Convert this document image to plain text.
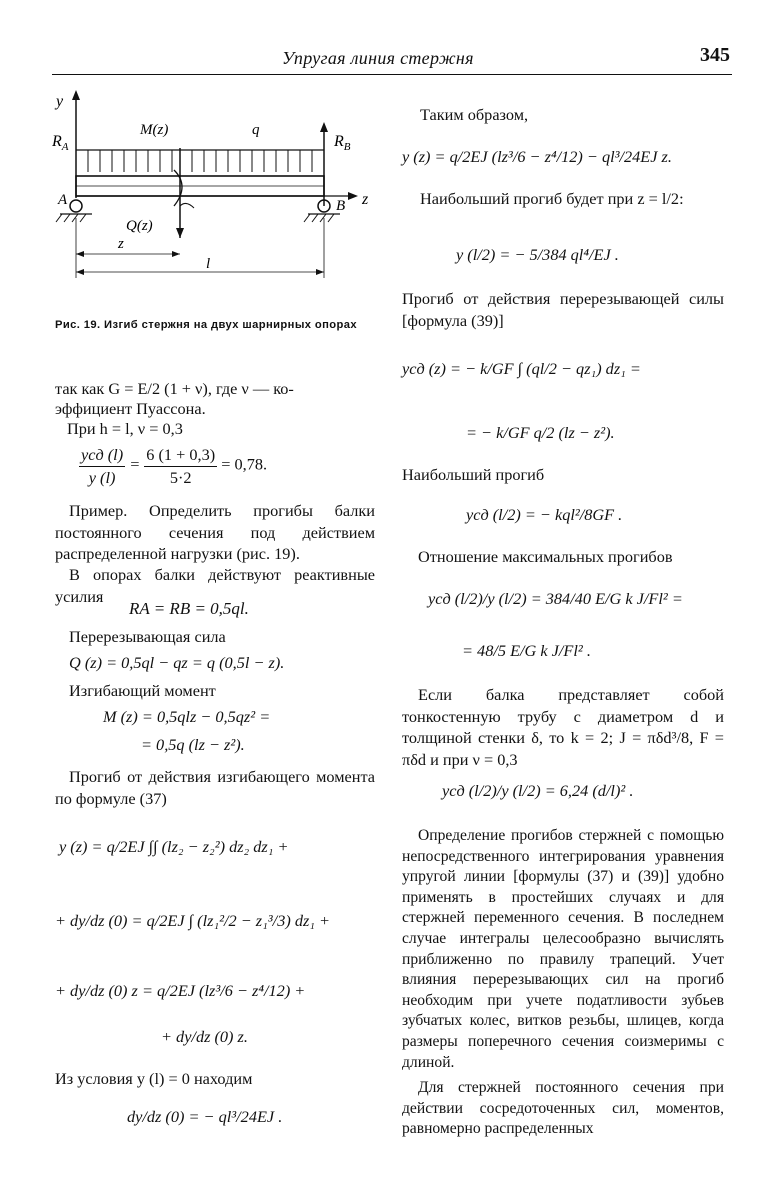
Упругая линия стержня	345
y
$R_A$	$R_B$
M(z)	q
z
A	B
Q(z)
z
l
Рис. 19. Изгиб стержня на двух шарнирных опорах
так как G = E/2 (1 + ν), где ν — ко-
эффициент Пуассона.
При h = l, ν = 0,3
$\frac{\text{yсд (l)}}{y (l)} = \frac{6 (1 + 0,3)}{5\cdot 2} = 0,78$.
Пример. Определить прогибы балки постоянного сечения под действием распределенной нагрузки (рис. 19).
В опорах балки действуют реактивные усилия
RA = RB = 0,5ql.
Перерезывающая сила
Q (z) = 0,5ql − qz = q (0,5l − z).
Изгибающий момент
M (z) = 0,5qlz − 0,5qz² =
= 0,5q (lz − z²).
Прогиб от действия изгибающего момента по формуле (37)
y (z) = q/2EJ ∫∫ (lz₂ − z₂²) dz₂ dz₁ +
+ dy/dz (0) = q/2EJ ∫ (lz₁²/2 − z₁³/3) dz₁ +
+ dy/dz (0) z = q/2EJ (lz³/6 − z⁴/12) +
+ dy/dz (0) z.
Из условия y (l) = 0 находим
dy/dz (0) = − ql³/24EJ .
Таким образом,
y (z) = q/2EJ (lz³/6 − z⁴/12) − ql³/24EJ z.
Наибольший прогиб будет при z = l/2:
y (l/2) = − 5/384 ql⁴/EJ .
Прогиб от действия перерезывающей силы [формула (39)]
yсд (z) = − k/GF ∫ (ql/2 − qz₁) dz₁ =
= − k/GF q/2 (lz − z²).
Наибольший прогиб
yсд (l/2) = − kql²/8GF .
Отношение максимальных прогибов
yсд (l/2)/y (l/2) = 384/40 E/G k J/Fl² =
= 48/5 E/G k J/Fl² .
Если балка представляет собой тонкостенную трубу с диаметром d и толщиной стенки δ, то k = 2; J = πδd³/8, F = πδd и при ν = 0,3
yсд (l/2)/y (l/2) = 6,24 (d/l)² .
Определение прогибов стержней с помощью непосредственного интегрирования уравнения упругой линии [формулы (37) и (39)] удобно применять в простейших случаях и для стержней переменного сечения. В последнем случае интегралы целесообразно вычислять приближенно по правилу трапеций. Учет влияния перерезывающих сил на прогиб необходим при учете податливости зубьев зубчатых колес, витков резьбы, шлицев, когда размеры поперечного сечения соизмеримы с длиной.
Для стержней постоянного сечения при действии сосредоточенных сил, моментов, равномерно распределенных
